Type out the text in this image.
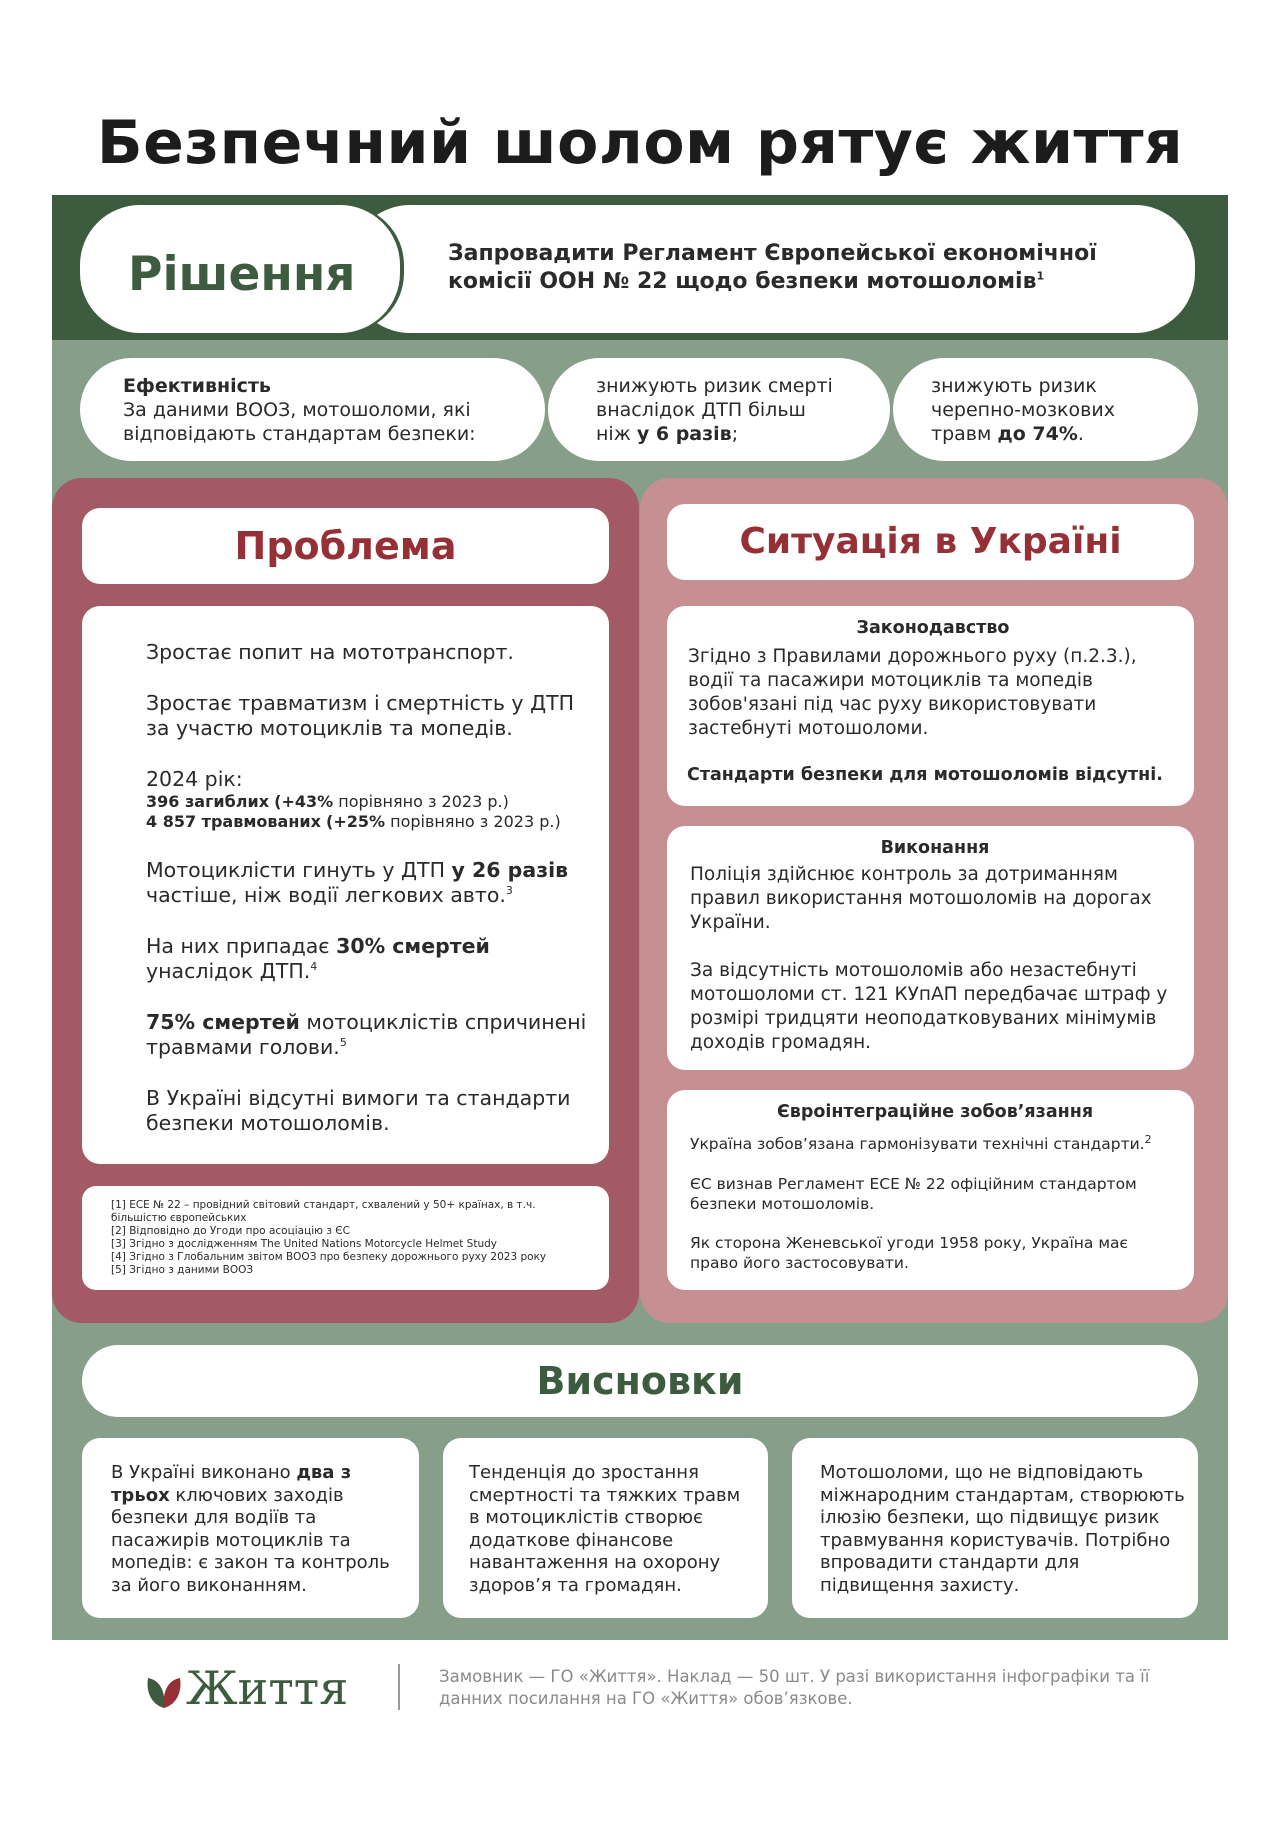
Безпечний шолом рятує життя
Рішення	Запровадити Регламент Європейської економічної комісії ООН № 22 щодо безпеки мотошоломів$^1$
Ефективність
За даними ВООЗ, мотошоломи, які відповідають стандартам безпеки:
знижують ризик смерті внаслідок ДТП більш ніж у 6 разів;
знижують ризик черепно-мозкових травм до 74%.
Проблема
Зростає попит на мототранспорт.
Зростає травматизм і смертність у ДТП за участю мотоциклів та мопедів.
2024 рік:
396 загиблих (+43% порівняно з 2023 р.)
4 857 травмованих (+25% порівняно з 2023 р.)
Мотоциклісти гинуть у ДТП у 26 разів частіше, ніж водії легкових авто.$^3$
На них припадає 30% смертей унаслідок ДТП.$^4$
75% смертей мотоциклістів спричинені травмами голови.$^5$
В Україні відсутні вимоги та стандарти безпеки мотошоломів.
[1] ЕСЕ № 22 – провідний світовий стандарт, схвалений у 50+ країнах, в т.ч. більшістю європейських
[2] Відповідно до Угоди про асоціацію з ЄС
[3] Згідно з дослідженням The United Nations Motorcycle Helmet Study
[4] Згідно з Глобальним звітом ВООЗ про безпеку дорожнього руху 2023 року
[5] Згідно з даними ВООЗ
Ситуація в Україні
Законодавство
Згідно з Правилами дорожнього руху (п.2.3.), водії та пасажири мотоциклів та мопедів зобов'язані під час руху використовувати застебнуті мотошоломи.
Стандарти безпеки для мотошоломів відсутні.
Виконання
Поліція здійснює контроль за дотриманням правил використання мотошоломів на дорогах України.
За відсутність мотошоломів або незастебнуті мотошоломи ст. 121 КУпАП передбачає штраф у розмірі тридцяти неоподатковуваних мінімумів доходів громадян.
Євроінтеграційне зобов’язання
Україна зобов’язана гармонізувати технічні стандарти.$^2$
ЄС визнав Регламент ЕСЕ № 22 офіційним стандартом безпеки мотошоломів.
Як сторона Женевської угоди 1958 року, Україна має право його застосовувати.
Висновки
В Україні виконано два з трьох ключових заходів безпеки для водіїв та пасажирів мотоциклів та мопедів: є закон та контроль за його виконанням.
Тенденція до зростання смертності та тяжких травм в мотоциклістів створює додаткове фінансове навантаження на охорону здоров’я та громадян.
Мотошоломи, що не відповідають міжнародним стандартам, створюють ілюзію безпеки, що підвищує ризик травмування користувачів. Потрібно впровадити стандарти для підвищення захисту.
Життя	Замовник — ГО «Життя». Наклад — 50 шт. У разі використання інфографіки та її данних посилання на ГО «Життя» обов’язкове.
